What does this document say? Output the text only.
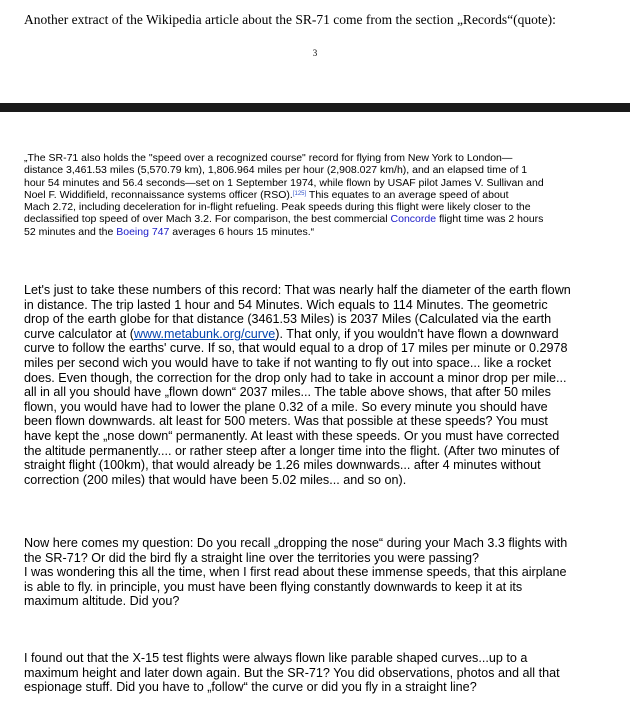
Another extract of the Wikipedia article about the SR-71 come from the section „Records“(quote):
3
„The SR-71 also holds the "speed over a recognized course" record for flying from New York to London—
distance 3,461.53 miles (5,570.79 km), 1,806.964 miles per hour (2,908.027 km/h), and an elapsed time of 1
hour 54 minutes and 56.4 seconds—set on 1 September 1974, while flown by USAF pilot James V. Sullivan and
Noel F. Widdifield, reconnaissance systems officer (RSO).[125] This equates to an average speed of about
Mach 2.72, including deceleration for in-flight refueling. Peak speeds during this flight were likely closer to the
declassified top speed of over Mach 3.2. For comparison, the best commercial Concorde flight time was 2 hours
52 minutes and the Boeing 747 averages 6 hours 15 minutes.“
Let's just to take these numbers of this record: That was nearly half the diameter of the earth flown
in distance. The trip lasted 1 hour and 54 Minutes. Wich equals to 114 Minutes. The geometric
drop of the earth globe for that distance (3461.53 Miles) is 2037 Miles (Calculated via the earth
curve calculator at (www.metabunk.org/curve). That only, if you wouldn't have flown a downward
curve to follow the earths' curve. If so, that would equal to a drop of 17 miles per minute or 0.2978
miles per second wich you would have to take if not wanting to fly out into space... like a rocket
does. Even though, the correction for the drop only had to take in account a minor drop per mile...
all in all you should have „flown down“ 2037 miles... The table above shows, that after 50 miles
flown, you would have had to lower the plane 0.32 of a mile. So every minute you should have
been flown downwards. alt least for 500 meters. Was that possible at these speeds? You must
have kept the „nose down“ permanently. At least with these speeds. Or you must have corrected
the altitude permanently.... or rather steep after a longer time into the flight. (After two minutes of
straight flight (100km), that would already be 1.26 miles downwards... after 4 minutes without
correction (200 miles) that would have been 5.02 miles... and so on).
Now here comes my question: Do you recall „dropping the nose“ during your Mach 3.3 flights with
the SR-71? Or did the bird fly a straight line over the territories you were passing?
I was wondering this all the time, when I first read about these immense speeds, that this airplane
is able to fly. in principle, you must have been flying constantly downwards to keep it at its
maximum altitude. Did you?
I found out that the X-15 test flights were always flown like parable shaped curves...up to a
maximum height and later down again. But the SR-71? You did observations, photos and all that
espionage stuff. Did you have to „follow“ the curve or did you fly in a straight line?
